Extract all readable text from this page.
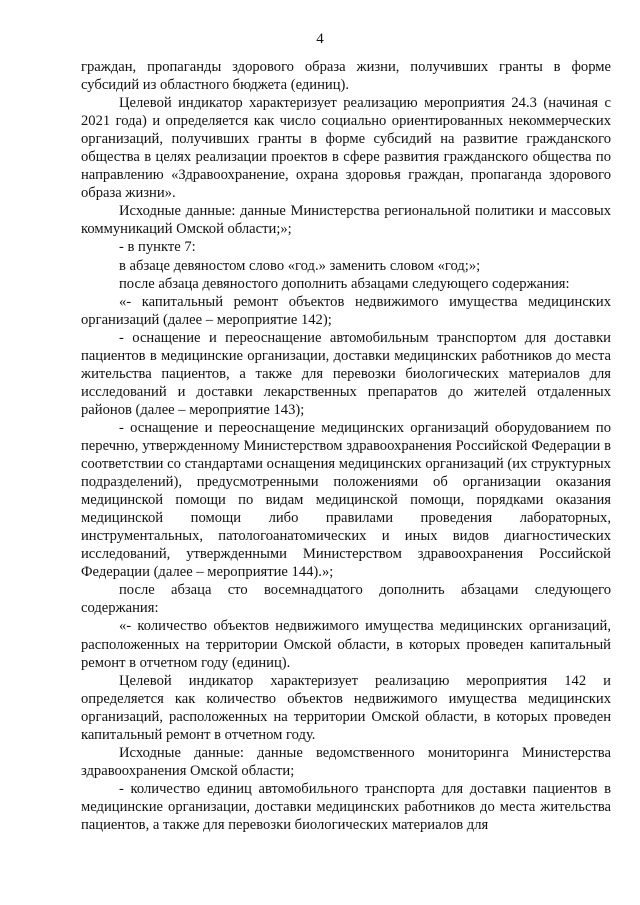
4

граждан, пропаганды здорового образа жизни, получивших гранты в форме субсидий из областного бюджета (единиц).

Целевой индикатор характеризует реализацию мероприятия 24.3 (начиная с 2021 года) и определяется как число социально ориентированных некоммерческих организаций, получивших гранты в форме субсидий на развитие гражданского общества в целях реализации проектов в сфере развития гражданского общества по направлению «Здравоохранение, охрана здоровья граждан, пропаганда здорового образа жизни».

Исходные данные: данные Министерства региональной политики и массовых коммуникаций Омской области;»;

- в пункте 7:

в абзаце девяностом слово «год.» заменить словом «год;»;

после абзаца девяностого дополнить абзацами следующего содержания:

«- капитальный ремонт объектов недвижимого имущества медицинских организаций (далее – мероприятие 142);

- оснащение и переоснащение автомобильным транспортом для доставки пациентов в медицинские организации, доставки медицинских работников до места жительства пациентов, а также для перевозки биологических материалов для исследований и доставки лекарственных препаратов до жителей отдаленных районов (далее – мероприятие 143);

- оснащение и переоснащение медицинских организаций оборудованием по перечню, утвержденному Министерством здравоохранения Российской Федерации в соответствии со стандартами оснащения медицинских организаций (их структурных подразделений), предусмотренными положениями об организации оказания медицинской помощи по видам медицинской помощи, порядками оказания медицинской помощи либо правилами проведения лабораторных, инструментальных, патологоанатомических и иных видов диагностических исследований, утвержденными Министерством здравоохранения Российской Федерации (далее – мероприятие 144).»;

после абзаца сто восемнадцатого дополнить абзацами следующего содержания:

«- количество объектов недвижимого имущества медицинских организаций, расположенных на территории Омской области, в которых проведен капитальный ремонт в отчетном году (единиц).

Целевой индикатор характеризует реализацию мероприятия 142 и определяется как количество объектов недвижимого имущества медицинских организаций, расположенных на территории Омской области, в которых проведен капитальный ремонт в отчетном году.

Исходные данные: данные ведомственного мониторинга Министерства здравоохранения Омской области;

- количество единиц автомобильного транспорта для доставки пациентов в медицинские организации, доставки медицинских работников до места жительства пациентов, а также для перевозки биологических материалов для
